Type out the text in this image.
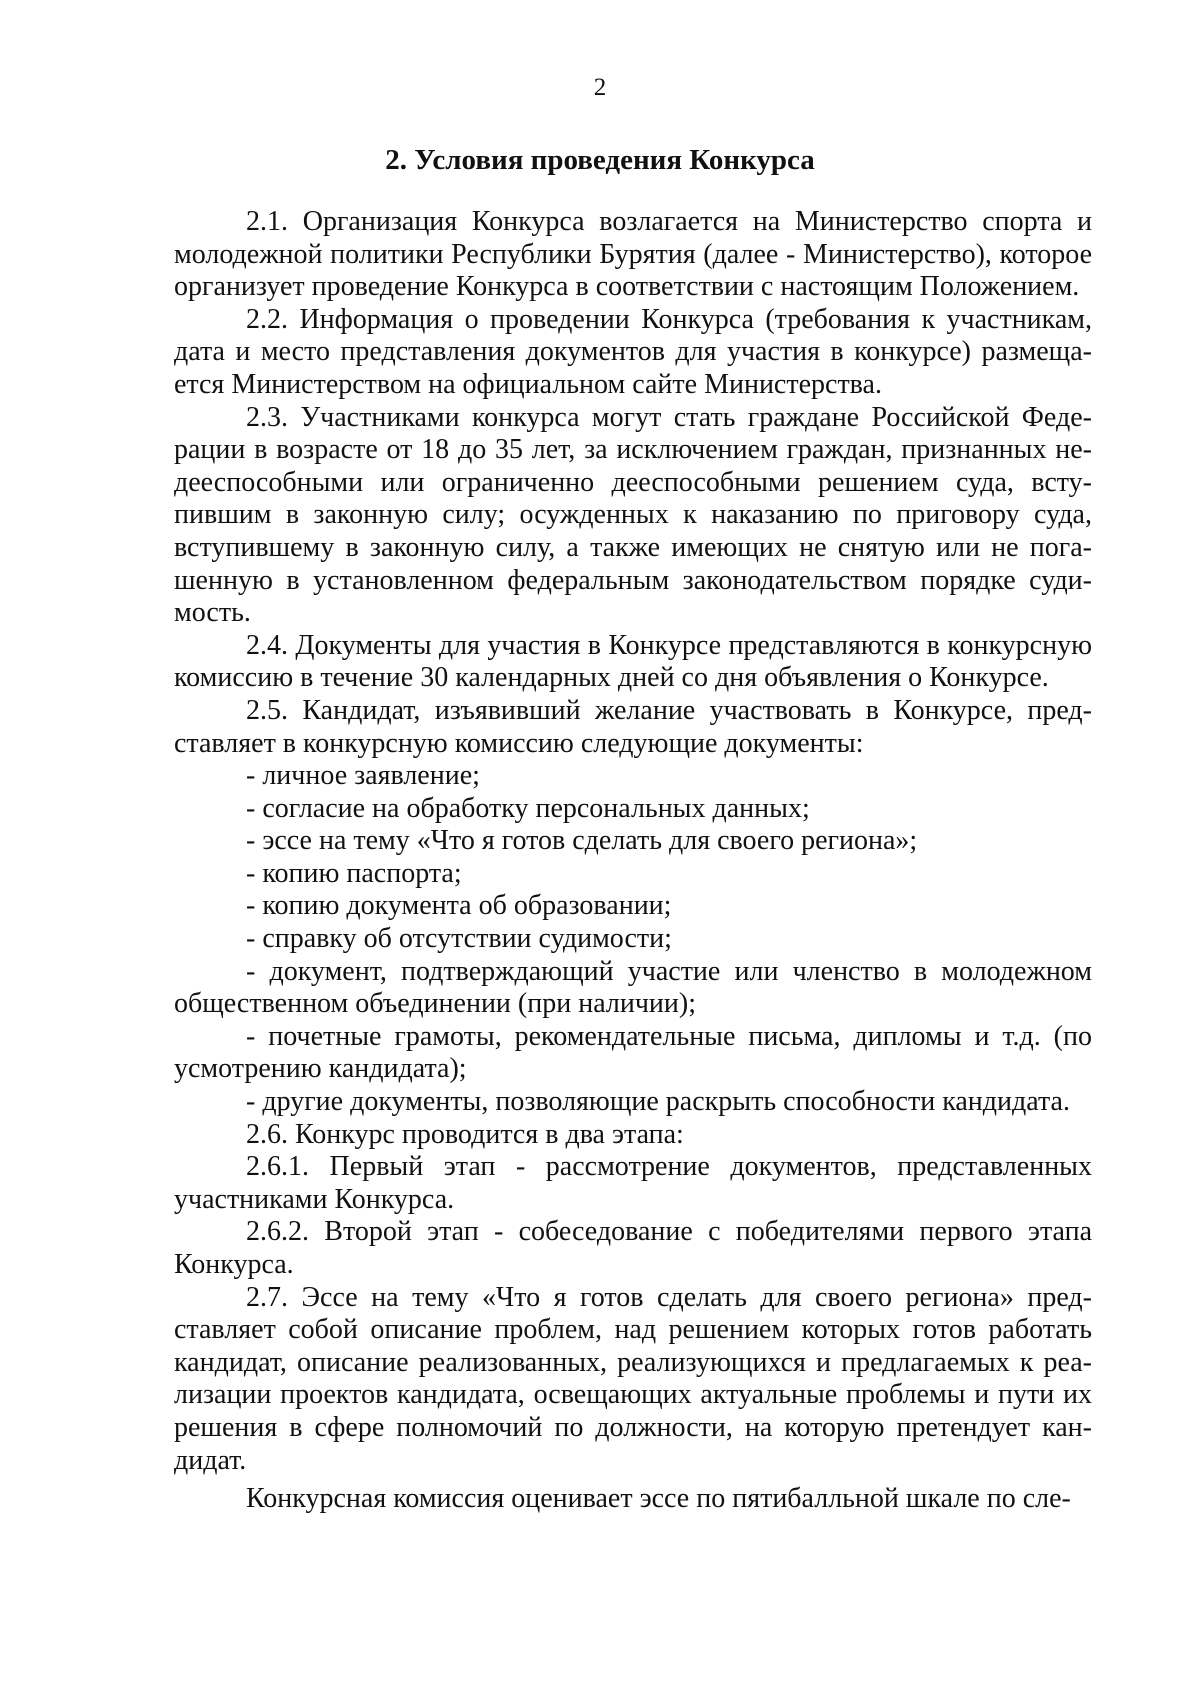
2
2. Условия проведения Конкурса

2.1. Организация Конкурса возлагается на Министерство спорта и молодежной политики Республики Бурятия (далее - Министерство), которое организует проведение Конкурса в соответствии с настоящим Положением.

2.2. Информация о проведении Конкурса (требования к участникам, дата и место представления документов для участия в конкурсе) размещается Министерством на официальном сайте Министерства.

2.3. Участниками конкурса могут стать граждане Российской Федерации в возрасте от 18 до 35 лет, за исключением граждан, признанных недееспособными или ограниченно дееспособными решением суда, вступившим в законную силу; осужденных к наказанию по приговору суда, вступившему в законную силу, а также имеющих не снятую или не погашенную в установленном федеральным законодательством порядке судимость.

2.4. Документы для участия в Конкурсе представляются в конкурсную комиссию в течение 30 календарных дней со дня объявления о Конкурсе.

2.5. Кандидат, изъявивший желание участвовать в Конкурсе, представляет в конкурсную комиссию следующие документы:

- личное заявление;

- согласие на обработку персональных данных;

- эссе на тему «Что я готов сделать для своего региона»;

- копию паспорта;

- копию документа об образовании;

- справку об отсутствии судимости;

- документ, подтверждающий участие или членство в молодежном общественном объединении (при наличии);

- почетные грамоты, рекомендательные письма, дипломы и т.д. (по усмотрению кандидата);

- другие документы, позволяющие раскрыть способности кандидата.

2.6. Конкурс проводится в два этапа:

2.6.1. Первый этап - рассмотрение документов, представленных участниками Конкурса.

2.6.2. Второй этап - собеседование с победителями первого этапа Конкурса.

2.7. Эссе на тему «Что я готов сделать для своего региона» представляет собой описание проблем, над решением которых готов работать кандидат, описание реализованных, реализующихся и предлагаемых к реализации проектов кандидата, освещающих актуальные проблемы и пути их решения в сфере полномочий по должности, на которую претендует кандидат.

Конкурсная комиссия оценивает эссе по пятибалльной шкале по сле-
